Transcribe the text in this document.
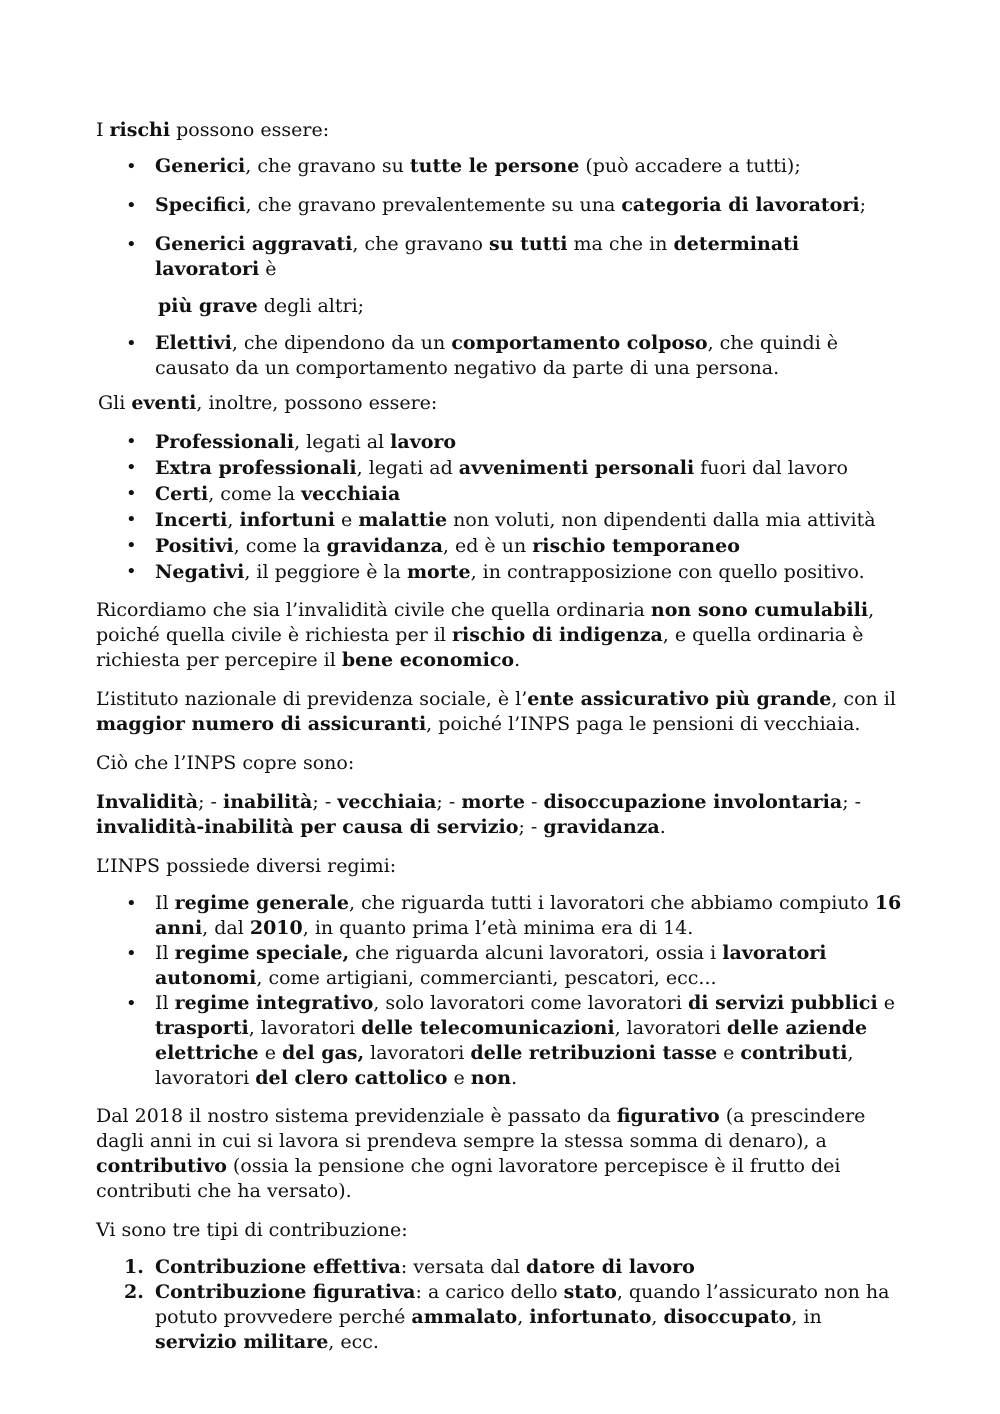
I rischi possono essere:

• Generici, che gravano su tutte le persone (può accadere a tutti);
• Specifici, che gravano prevalentemente su una categoria di lavoratori;
• Generici aggravati, che gravano su tutti ma che in determinati lavoratori è

più grave degli altri;

• Elettivi, che dipendono da un comportamento colposo, che quindi è causato da un comportamento negativo da parte di una persona.

Gli eventi, inoltre, possono essere:

• Professionali, legati al lavoro
• Extra professionali, legati ad avvenimenti personali fuori dal lavoro
• Certi, come la vecchiaia
• Incerti, infortuni e malattie non voluti, non dipendenti dalla mia attività
• Positivi, come la gravidanza, ed è un rischio temporaneo
• Negativi, il peggiore è la morte, in contrapposizione con quello positivo.

Ricordiamo che sia l’invalidità civile che quella ordinaria non sono cumulabili, poiché quella civile è richiesta per il rischio di indigenza, e quella ordinaria è richiesta per percepire il bene economico.

L’istituto nazionale di previdenza sociale, è l’ente assicurativo più grande, con il maggior numero di assicuranti, poiché l’INPS paga le pensioni di vecchiaia.

Ciò che l’INPS copre sono:

Invalidità; - inabilità; - vecchiaia; - morte - disoccupazione involontaria; - invalidità-inabilità per causa di servizio; - gravidanza.

L’INPS possiede diversi regimi:

• Il regime generale, che riguarda tutti i lavoratori che abbiamo compiuto 16 anni, dal 2010, in quanto prima l’età minima era di 14.
• Il regime speciale, che riguarda alcuni lavoratori, ossia i lavoratori autonomi, come artigiani, commercianti, pescatori, ecc...
• Il regime integrativo, solo lavoratori come lavoratori di servizi pubblici e trasporti, lavoratori delle telecomunicazioni, lavoratori delle aziende elettriche e del gas, lavoratori delle retribuzioni tasse e contributi, lavoratori del clero cattolico e non.

Dal 2018 il nostro sistema previdenziale è passato da figurativo (a prescindere dagli anni in cui si lavora si prendeva sempre la stessa somma di denaro), a contributivo (ossia la pensione che ogni lavoratore percepisce è il frutto dei contributi che ha versato).

Vi sono tre tipi di contribuzione:

1. Contribuzione effettiva: versata dal datore di lavoro
2. Contribuzione figurativa: a carico dello stato, quando l’assicurato non ha potuto provvedere perché ammalato, infortunato, disoccupato, in servizio militare, ecc.
